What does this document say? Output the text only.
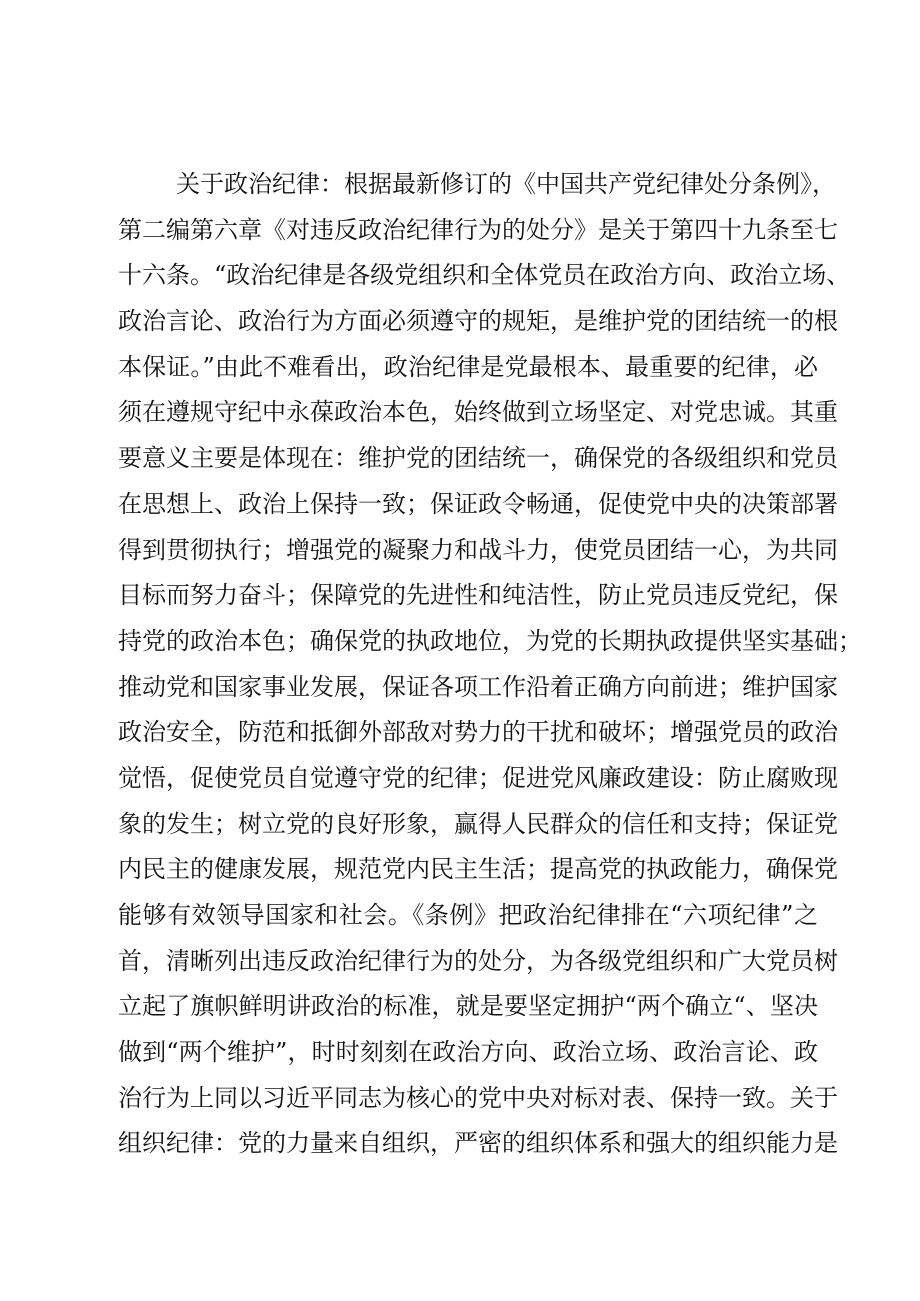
关于政治纪律：根据最新修订的《中国共产党纪律处分条例》，
第二编第六章《对违反政治纪律行为的处分》是关于第四十九条至七
十六条。“政治纪律是各级党组织和全体党员在政治方向、政治立场、
政治言论、政治行为方面必须遵守的规矩，是维护党的团结统一的根
本保证。”由此不难看出，政治纪律是党最根本、最重要的纪律，必
须在遵规守纪中永葆政治本色，始终做到立场坚定、对党忠诚。其重
要意义主要是体现在：维护党的团结统一，确保党的各级组织和党员
在思想上、政治上保持一致；保证政令畅通，促使党中央的决策部署
得到贯彻执行；增强党的凝聚力和战斗力，使党员团结一心，为共同
目标而努力奋斗；保障党的先进性和纯洁性，防止党员违反党纪，保
持党的政治本色；确保党的执政地位，为党的长期执政提供坚实基础；
推动党和国家事业发展，保证各项工作沿着正确方向前进；维护国家
政治安全，防范和抵御外部敌对势力的干扰和破坏；增强党员的政治
觉悟，促使党员自觉遵守党的纪律；促进党风廉政建设：防止腐败现
象的发生；树立党的良好形象，赢得人民群众的信任和支持；保证党
内民主的健康发展，规范党内民主生活；提高党的执政能力，确保党
能够有效领导国家和社会。《条例》把政治纪律排在“六项纪律”之
首，清晰列出违反政治纪律行为的处分，为各级党组织和广大党员树
立起了旗帜鲜明讲政治的标准，就是要坚定拥护“两个确立“、坚决
做到“两个维护”，时时刻刻在政治方向、政治立场、政治言论、政
治行为上同以习近平同志为核心的党中央对标对表、保持一致。关于
组织纪律：党的力量来自组织，严密的组织体系和强大的组织能力是
